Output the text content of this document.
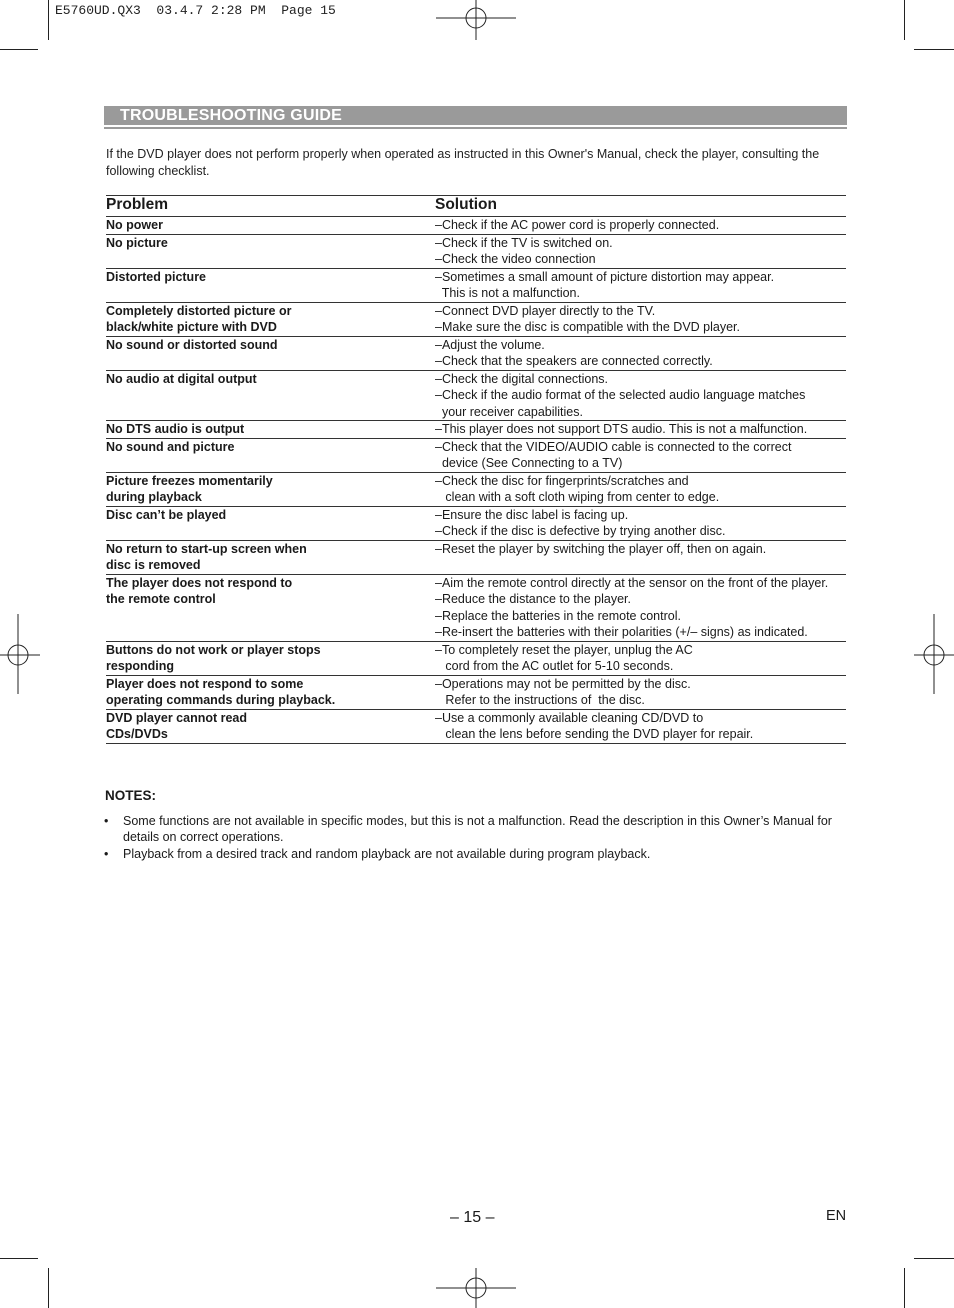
E5760UD.QX3  03.4.7 2:28 PM  Page 15
TROUBLESHOOTING GUIDE
If the DVD player does not perform properly when operated as instructed in this Owner's Manual, check the player, consulting the following checklist.
Problem	Solution
No power	–Check if the AC power cord is properly connected.
No picture	–Check if the TV is switched on.
–Check the video connection
Distorted picture	–Sometimes a small amount of picture distortion may appear.
This is not a malfunction.
Completely distorted picture or
black/white picture with DVD
–Connect DVD player directly to the TV.
–Make sure the disc is compatible with the DVD player.
No sound or distorted sound	–Adjust the volume.
–Check that the speakers are connected correctly.
No audio at digital output	–Check the digital connections.
–Check if the audio format of the selected audio language matches
your receiver capabilities.
No DTS audio is output	–This player does not support DTS audio. This is not a malfunction.
No sound and picture	–Check that the VIDEO/AUDIO cable is connected to the correct
device (See Connecting to a TV)
Picture freezes momentarily
during playback
–Check the disc for fingerprints/scratches and
clean with a soft cloth wiping from center to edge.
Disc can’t be played	–Ensure the disc label is facing up.
–Check if the disc is defective by trying another disc.
No return to start-up screen when
disc is removed
–Reset the player by switching the player off, then on again.
The player does not respond to
the remote control
–Aim the remote control directly at the sensor on the front of the player.
–Reduce the distance to the player.
–Replace the batteries in the remote control.
–Re-insert the batteries with their polarities (+/– signs) as indicated.
Buttons do not work or player stops
responding
–To completely reset the player, unplug the AC
cord from the AC outlet for 5-10 seconds.
Player does not respond to some
operating commands during playback.
–Operations may not be permitted by the disc.
Refer to the instructions of  the disc.
DVD player cannot read
CDs/DVDs
–Use a commonly available cleaning CD/DVD to
clean the lens before sending the DVD player for repair.
NOTES:
• Some functions are not available in specific modes, but this is not a malfunction. Read the description in this Owner’s Manual for details on correct operations.
• Playback from a desired track and random playback are not available during program playback.
– 15 –	EN
